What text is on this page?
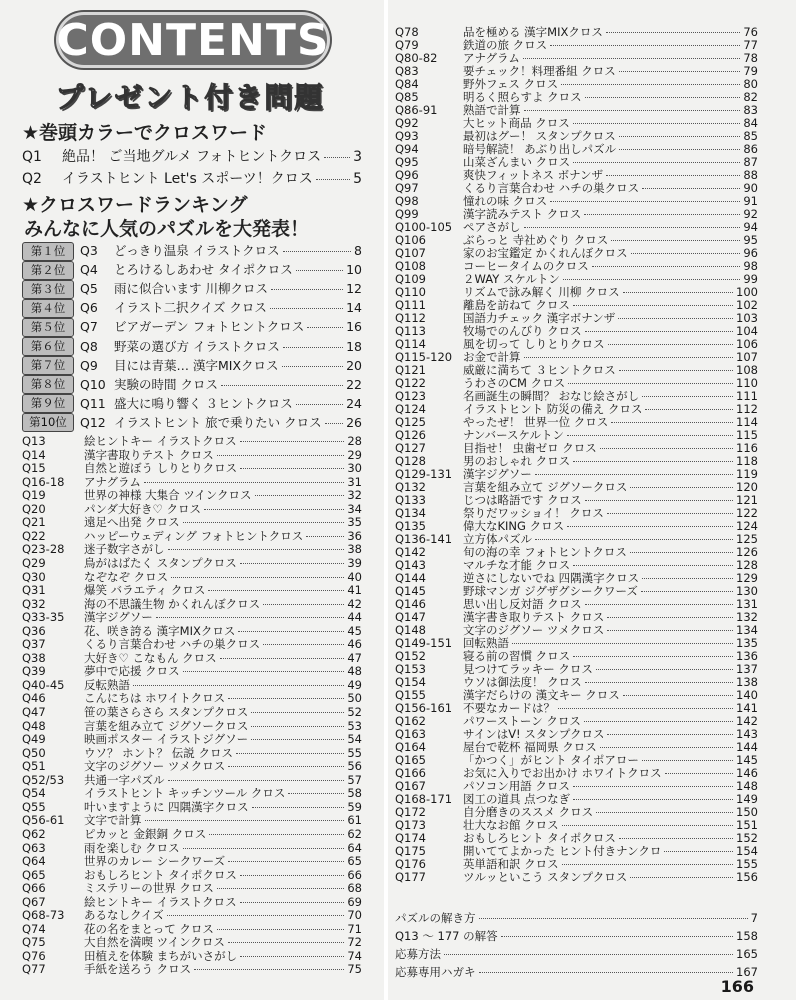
CONTENTS
プレゼント付き問題
★巻頭カラーでクロスワード
Q1	絶品！ ご当地グルメ フォトヒントクロス 3
Q2	イラストヒント Let's スポーツ！クロス	5
★クロスワードランキング
みんなに人気のパズルを大発表！
第１位	Q3	どっきり温泉 イラストクロス	8
第２位	Q4	とろけるしあわせ タイポクロス	10
第３位	Q5	雨に似合います 川柳クロス	12
第４位	Q6	イラスト二択クイズ クロス	14
第５位	Q7	ビアガーデン フォトヒントクロス	16
第６位	Q8	野菜の選び方 イラストクロス	18
第７位	Q9	目には青葉… 漢字MIXクロス	20
第８位	Q10 実験の時間 クロス	22
第９位	Q11 盛大に鳴り響く ３ヒントクロス	24
第10位	Q12 イラストヒント 旅で乗りたい クロス 26
Q13	絵ヒントキー イラストクロス	28
Q14	漢字書取りテスト クロス	29
Q15	自然と遊ぼう しりとりクロス	30
Q16-18	アナグラム	31
Q19	世界の神様 大集合 ツインクロス	32
Q20	パンダ大好き♡ クロス	34
Q21	遠足へ出発 クロス	35
Q22	ハッピーウェディング フォトヒントクロス	36
Q23-28	迷子数字さがし	38
Q29	鳥がはばたく スタンプクロス	39
Q30	なぞなぞ クロス	40
Q31	爆笑 バラエティ クロス	41
Q32	海の不思議生物 かくれんぼクロス	42
Q33-35	漢字ジグソー	44
Q36	花、咲き誇る 漢字MIXクロス	45
Q37	くるり言葉合わせ ハチの巣クロス	46
Q38	大好き♡ こなもん クロス	47
Q39	夢中で応援 クロス	48
Q40-45	反転熟語	49
Q46	こんにちは ホワイトクロス	50
Q47	笹の葉さらさら スタンプクロス	52
Q48	言葉を組み立て ジグソークロス	53
Q49	映画ポスター イラストジグソー	54
Q50	ウソ？ ホント？ 伝説 クロス	55
Q51	文字のジグソー ツメクロス	56
Q52/53	共通一字パズル	57
Q54	イラストヒント キッチンツール クロス	58
Q55	叶いますように 四隅漢字クロス	59
Q56-61	文字で計算	61
Q62	ピカッと 金銀銅 クロス	62
Q63	雨を楽しむ クロス	64
Q64	世界のカレー シークワーズ	65
Q65	おもしろヒント タイポクロス	66
Q66	ミステリーの世界 クロス	68
Q67	絵ヒントキー イラストクロス	69
Q68-73	あるなしクイズ	70
Q74	花の名をまとって クロス	71
Q75	大自然を満喫 ツインクロス	72
Q76	田植えを体験 まちがいさがし	74
Q77	手紙を送ろう クロス	75
Q78	品を極める 漢字MIXクロス	76
Q79	鉄道の旅 クロス	77
Q80-82	アナグラム	78
Q83	要チェック！料理番組 クロス	79
Q84	野外フェス クロス	80
Q85	明るく照らすよ クロス	82
Q86-91	熟語で計算	83
Q92	大ヒット商品 クロス	84
Q93	最初はグー！ スタンプクロス	85
Q94	暗号解読！ あぶり出しパズル	86
Q95	山菜ざんまい クロス	87
Q96	爽快フィットネス ボナンザ	88
Q97	くるり言葉合わせ ハチの巣クロス	90
Q98	憧れの味 クロス	91
Q99	漢字読みテスト クロス	92
Q100-105 ペアさがし	94
Q106	ぶらっと 寺社めぐり クロス	95
Q107	家のお宝鑑定 かくれんぼクロス	96
Q108	コーヒータイムのクロス	98
Q109	２WAY スケルトン	99
Q110	リズムで詠み解く 川柳 クロス	100
Q111	離島を訪ねて クロス	102
Q112	国語力チェック 漢字ボナンザ	103
Q113	牧場でのんびり クロス	104
Q114	風を切って しりとりクロス	106
Q115-120 お金で計算	107
Q121	威厳に満ちて ３ヒントクロス	108
Q122	うわさのCM クロス	110
Q123	名画誕生の瞬間？ おなじ絵さがし	111
Q124	イラストヒント 防災の備え クロス	112
Q125	やったぜ！ 世界一位 クロス	114
Q126	ナンバースケルトン	115
Q127	目指せ！ 虫歯ゼロ クロス	116
Q128	男のおしゃれ クロス	118
Q129-131 漢字ジグソー	119
Q132	言葉を組み立て ジグソークロス	120
Q133	じつは略語です クロス	121
Q134	祭りだワッショイ！ クロス	122
Q135	偉大なKING クロス	124
Q136-141 立方体パズル	125
Q142	旬の海の幸 フォトヒントクロス	126
Q143	マルチな才能 クロス	128
Q144	逆さにしないでね 四隅漢字クロス	129
Q145	野球マンガ ジグザグシークワーズ	130
Q146	思い出し反対語 クロス	131
Q147	漢字書き取りテスト クロス	132
Q148	文字のジグソー ツメクロス	134
Q149-151 回転熟語	135
Q152	寝る前の習慣 クロス	136
Q153	見つけてラッキー クロス	137
Q154	ウソは御法度！ クロス	138
Q155	漢字だらけの 漢文キー クロス	140
Q156-161 不要なカードは？	141
Q162	パワーストーン クロス	142
Q163	サインはV! スタンプクロス	143
Q164	屋台で乾杯 福岡県 クロス	144
Q165	「かつく」がヒント タイポアロー	145
Q166	お気に入りでお出かけ ホワイトクロス	146
Q167	パソコン用語 クロス	148
Q168-171 図工の道具 点つなぎ	149
Q172	自分磨きのススメ クロス	150
Q173	壮大なお館 クロス	151
Q174	おもしろヒント タイポクロス	152
Q175	開いててよかった ヒント付きナンクロ	154
Q176	英単語和訳 クロス	155
Q177	ツルッといこう スタンプクロス	156
パズルの解き方	7
Q13 ～ 177 の解答	158
応募方法	165
応募専用ハガキ	167
166
